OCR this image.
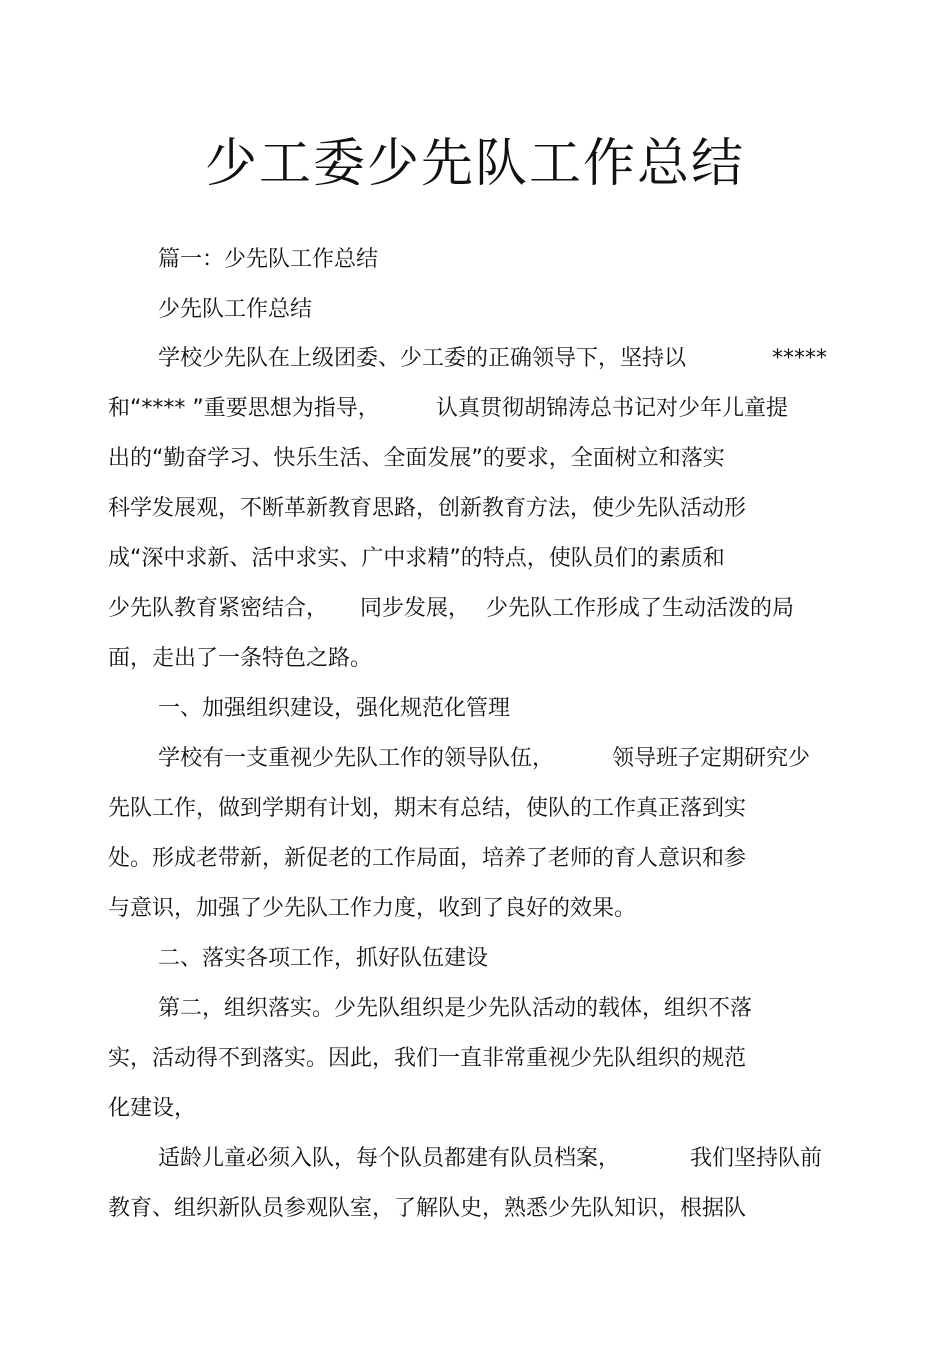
少工委少先队工作总结
篇一：少先队工作总结
少先队工作总结
学校少先队在上级团委、少工委的正确领导下，坚持以	*****
和“**** ”重要思想为指导，	认真贯彻胡锦涛总书记对少年儿童提
出的“勤奋学习、快乐生活、全面发展”的要求，全面树立和落实
科学发展观，不断革新教育思路，创新教育方法，使少先队活动形
成“深中求新、活中求实、广中求精”的特点，使队员们的素质和
少先队教育紧密结合， 同步发展， 少先队工作形成了生动活泼的局
面，走出了一条特色之路。
一、加强组织建设，强化规范化管理
学校有一支重视少先队工作的领导队伍，	领导班子定期研究少
先队工作，做到学期有计划，期末有总结，使队的工作真正落到实
处。形成老带新，新促老的工作局面，培养了老师的育人意识和参
与意识，加强了少先队工作力度，收到了良好的效果。
二、落实各项工作，抓好队伍建设
第二，组织落实。少先队组织是少先队活动的载体，组织不落
实，活动得不到落实。因此，我们一直非常重视少先队组织的规范
化建设，
适龄儿童必须入队，每个队员都建有队员档案，	我们坚持队前
教育、组织新队员参观队室，了解队史，熟悉少先队知识，根据队
